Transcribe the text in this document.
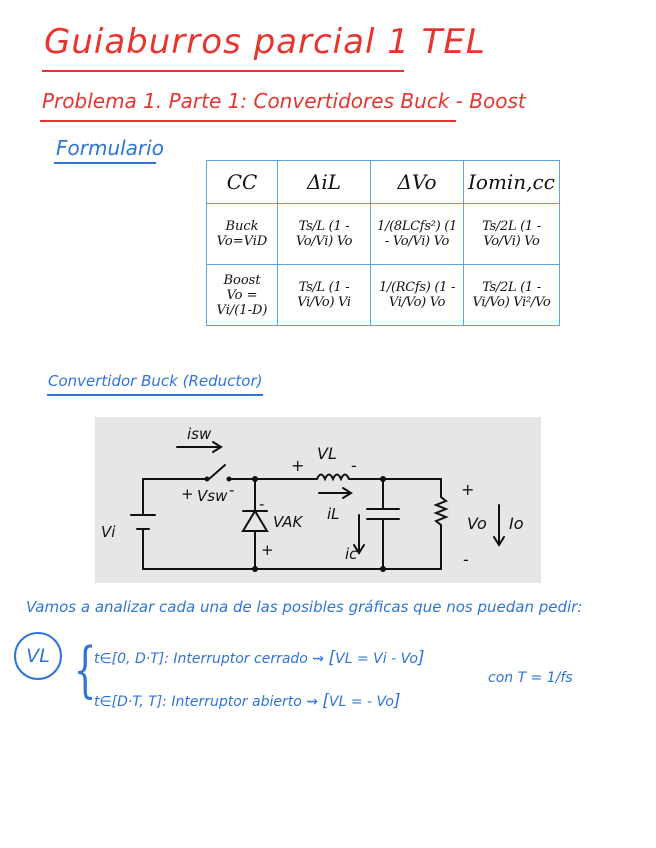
Guiaburros parcial 1 TEL
Problema 1. Parte 1: Convertidores Buck - Boost
Formulario
CC	ΔiL	ΔVo	Iomin,cc

Buck
Vo=ViD	Ts/L (1 - Vo/Vi) Vo	1/(8LCfs²) (1 - Vo/Vi) Vo	Ts/2L (1 - Vo/Vi) Vo

Boost
Vo = Vi/(1-D)	Ts/L (1 - Vi/Vo) Vi	1/(RCfs) (1 - Vi/Vo) Vo	Ts/2L (1 - Vi/Vo) Vi²/Vo
Convertidor Buck (Reductor)
isw
VL
+	-
iL
+ Vsw -
Vi
-
VAK
+	ic
+
Vo
-
Io
Vamos a analizar cada una de las posibles gráficas que nos puedan pedir:
VL {
t∈[0, D·T]: Interruptor cerrado ⇝ [VL = Vi - Vo]
t∈[D·T, T]: Interruptor abierto ⇝ [VL = - Vo]
con T = 1/fs
